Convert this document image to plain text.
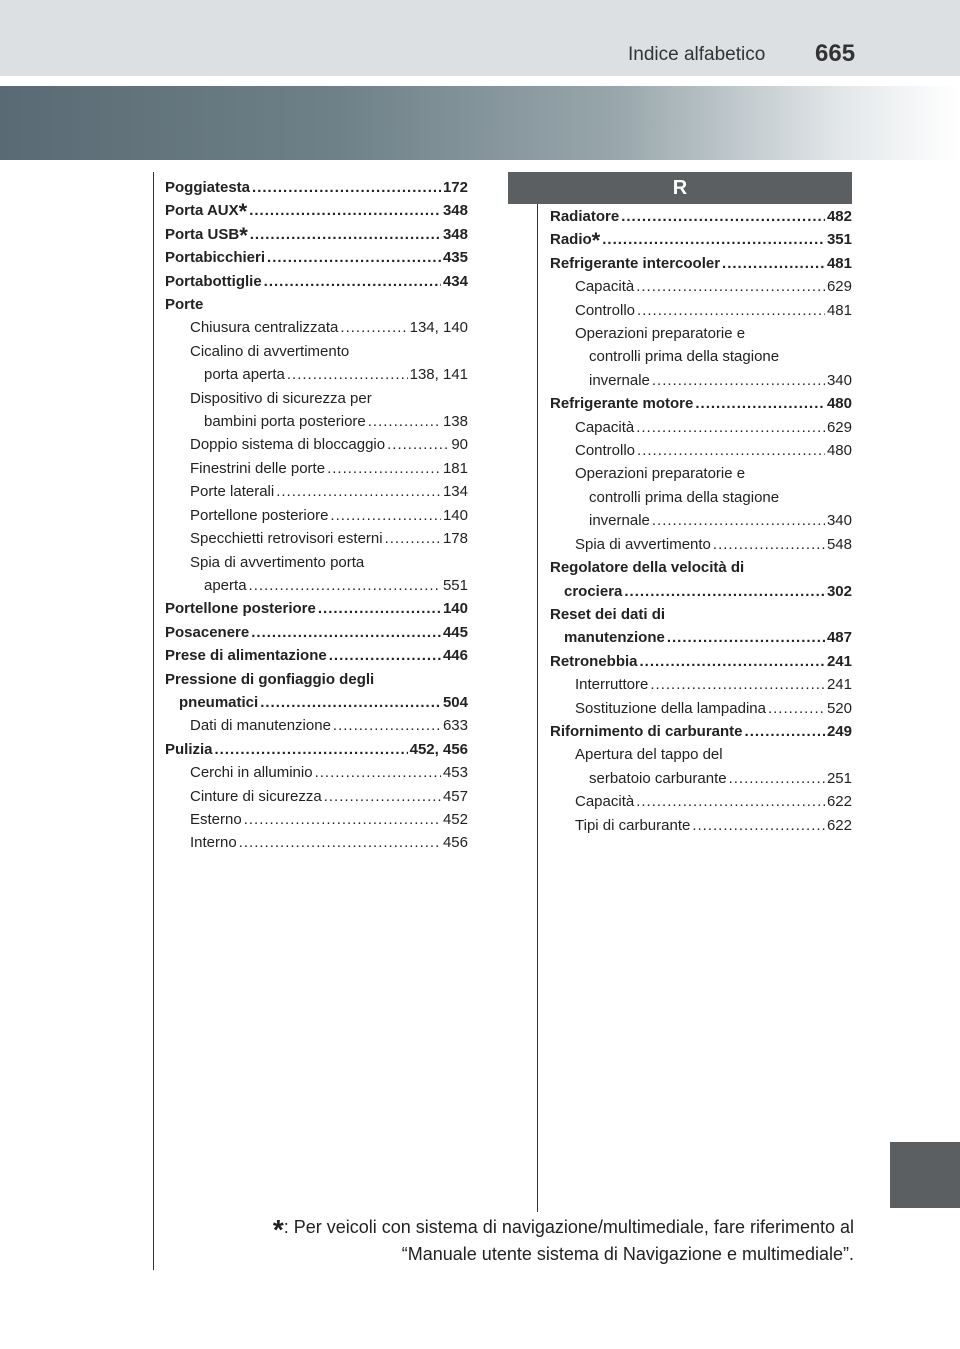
Indice alfabetico 665
R
Poggiatesta .....	172
Porta AUX* .....	348
Porta USB* .....	348
Portabicchieri .....	435
Portabottiglie .....	434
Porte
Chiusura centralizzata .....	134, 140
Cicalino di avvertimento
porta aperta .....	138, 141
Dispositivo di sicurezza per
bambini porta posteriore .....	138
Doppio sistema di bloccaggio .....	90
Finestrini delle porte .....	181
Porte laterali .....	134
Portellone posteriore .....	140
Specchietti retrovisori esterni .....	178
Spia di avvertimento porta
aperta .....	551
Portellone posteriore .....	140
Posacenere .....	445
Prese di alimentazione .....	446
Pressione di gonfiaggio degli
pneumatici .....	504
Dati di manutenzione .....	633
Pulizia .....	452, 456
Cerchi in alluminio .....	453
Cinture di sicurezza .....	457
Esterno .....	452
Interno .....	456
Radiatore .....	482
Radio* .....	351
Refrigerante intercooler .....	481
Capacità .....	629
Controllo .....	481
Operazioni preparatorie e
controlli prima della stagione
invernale .....	340
Refrigerante motore .....	480
Capacità .....	629
Controllo .....	480
Operazioni preparatorie e
controlli prima della stagione
invernale .....	340
Spia di avvertimento .....	548
Regolatore della velocità di
crociera .....	302
Reset dei dati di
manutenzione .....	487
Retronebbia .....	241
Interruttore .....	241
Sostituzione della lampadina .....	520
Rifornimento di carburante .....	249
Apertura del tappo del
serbatoio carburante .....	251
Capacità .....	622
Tipi di carburante .....	622
*: Per veicoli con sistema di navigazione/multimediale, fare riferimento al
“Manuale utente sistema di Navigazione e multimediale”.
